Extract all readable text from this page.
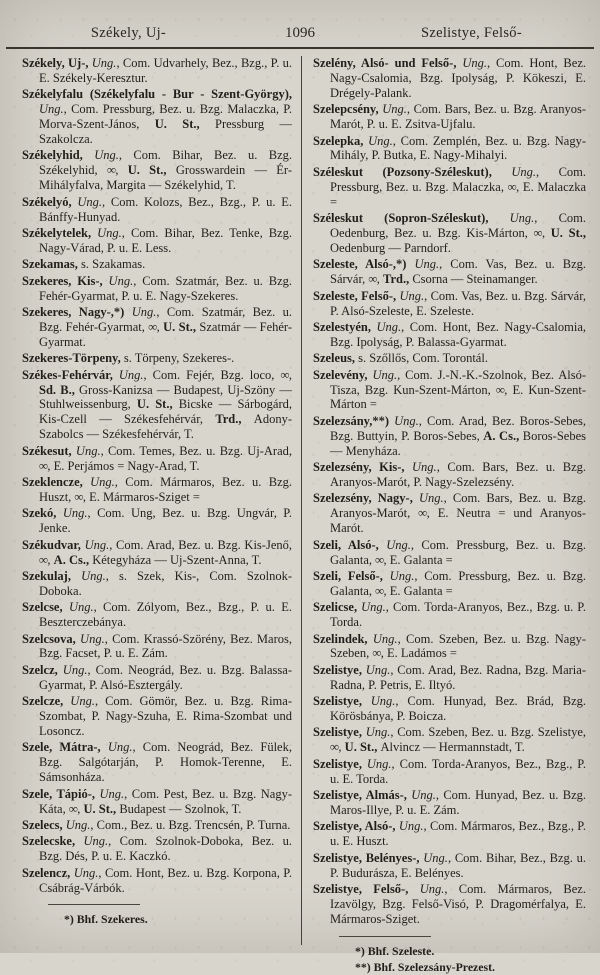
Székely, Uj-	1096	Szelistye, Felső-

Székely, Uj-, Ung., Com. Udvarhely, Bez., Bzg., P. u. E. Székely-Keresztur.

Székelyfalu (Székelyfalu - Bur - Szent-György), Ung., Com. Pressburg, Bez. u. Bzg. Malaczka, P. Morva-Szent-János, U. St., Pressburg — Szakolcza.

Székelyhid, Ung., Com. Bihar, Bez. u. Bzg. Székelyhid, ∞, U. St., Grosswardein — Ér-Mihályfalva, Margita — Székelyhid, T.

Székelyó, Ung., Com. Kolozs, Bez., Bzg., P. u. E. Bánffy-Hunyad.

Székelytelek, Ung., Com. Bihar, Bez. Tenke, Bzg. Nagy-Várad, P. u. E. Less.

Szekamas, s. Szakamas.

Szekeres, Kis-, Ung., Com. Szatmár, Bez. u. Bzg. Fehér-Gyarmat, P. u. E. Nagy-Szekeres.

Szekeres, Nagy-,*) Ung., Com. Szatmár, Bez. u. Bzg. Fehér-Gyarmat, ∞, U. St., Szatmár — Fehér-Gyarmat.

Szekeres-Törpeny, s. Törpeny, Szekeres-.

Székes-Fehérvár, Ung., Com. Fejér, Bzg. loco, ∞, Sd. B., Gross-Kanizsa — Budapest, Uj-Szöny — Stuhlweissenburg, U. St., Bicske — Sárbogárd, Kis-Czell — Székesfehérvár, Trd., Adony-Szabolcs — Székesfehérvár, T.

Székesut, Ung., Com. Temes, Bez. u. Bzg. Uj-Arad, ∞, E. Perjámos = Nagy-Arad, T.

Szeklencze, Ung., Com. Mármaros, Bez. u. Bzg. Huszt, ∞, E. Mármaros-Sziget =

Szekó, Ung., Com. Ung, Bez. u. Bzg. Ungvár, P. Jenke.

Székudvar, Ung., Com. Arad, Bez. u. Bzg. Kis-Jenő, ∞, A. Cs., Kétegyháza — Uj-Szent-Anna, T.

Szekulaj, Ung., s. Szek, Kis-, Com. Szolnok-Doboka.

Szelcse, Ung., Com. Zólyom, Bez., Bzg., P. u. E. Beszterczebánya.

Szelcsova, Ung., Com. Krassó-Szörény, Bez. Maros, Bzg. Facset, P. u. E. Zám.

Szelcz, Ung., Com. Neográd, Bez. u. Bzg. Balassa-Gyarmat, P. Alsó-Esztergály.

Szelcze, Ung., Com. Gömör, Bez. u. Bzg. Rima-Szombat, P. Nagy-Szuha, E. Rima-Szombat und Losoncz.

Szele, Mátra-, Ung., Com. Neográd, Bez. Fülek, Bzg. Salgótarján, P. Homok-Terenne, E. Sámsonháza.

Szele, Tápió-, Ung., Com. Pest, Bez. u. Bzg. Nagy-Káta, ∞, U. St., Budapest — Szolnok, T.

Szelecs, Ung., Com., Bez. u. Bzg. Trencsén, P. Turna.

Szelecske, Ung., Com. Szolnok-Doboka, Bez. u. Bzg. Dés, P. u. E. Kaczkó.

Szelencz, Ung., Com. Hont, Bez. u. Bzg. Korpona, P. Csábrág-Várbók.

*) Bhf. Szekeres.

Szelény, Alsó- und Felső-, Ung., Com. Hont, Bez. Nagy-Csalomia, Bzg. Ipolyság, P. Kökeszi, E. Drégely-Palank.

Szelepcsény, Ung., Com. Bars, Bez. u. Bzg. Aranyos-Marót, P. u. E. Zsitva-Ujfalu.

Szelepka, Ung., Com. Zemplén, Bez. u. Bzg. Nagy-Mihály, P. Butka, E. Nagy-Mihalyi.

Széleskut (Pozsony-Széleskut), Ung., Com. Pressburg, Bez. u. Bzg. Malaczka, ∞, E. Malaczka =

Széleskut (Sopron-Széleskut), Ung., Com. Oedenburg, Bez. u. Bzg. Kis-Márton, ∞, U. St., Oedenburg — Parndorf.

Szeleste, Alsó-,*) Ung., Com. Vas, Bez. u. Bzg. Sárvár, ∞, Trd., Csorna — Steinamanger.

Szeleste, Felső-, Ung., Com. Vas, Bez. u. Bzg. Sárvár, P. Alsó-Szeleste, E. Szeleste.

Szelestyén, Ung., Com. Hont, Bez. Nagy-Csalomia, Bzg. Ipolyság, P. Balassa-Gyarmat.

Szeleus, s. Szőllős, Com. Torontál.

Szelevény, Ung., Com. J.-N.-K.-Szolnok, Bez. Alsó-Tisza, Bzg. Kun-Szent-Márton, ∞, E. Kun-Szent-Márton =

Szelezsány,**) Ung., Com. Arad, Bez. Boros-Sebes, Bzg. Buttyin, P. Boros-Sebes, A. Cs., Boros-Sebes — Menyháza.

Szelezsény, Kis-, Ung., Com. Bars, Bez. u. Bzg. Aranyos-Marót, P. Nagy-Szelezsény.

Szelezsény, Nagy-, Ung., Com. Bars, Bez. u. Bzg. Aranyos-Marót, ∞, E. Neutra = und Aranyos-Marót.

Szeli, Alsó-, Ung., Com. Pressburg, Bez. u. Bzg. Galanta, ∞, E. Galanta =

Szeli, Felső-, Ung., Com. Pressburg, Bez. u. Bzg. Galanta, ∞, E. Galanta =

Szelicse, Ung., Com. Torda-Aranyos, Bez., Bzg. u. P. Torda.

Szelindek, Ung., Com. Szeben, Bez. u. Bzg. Nagy-Szeben, ∞, E. Ladámos =

Szelistye, Ung., Com. Arad, Bez. Radna, Bzg. Maria-Radna, P. Petris, E. Iltyó.

Szelistye, Ung., Com. Hunyad, Bez. Brád, Bzg. Körösbánya, P. Boicza.

Szelistye, Ung., Com. Szeben, Bez. u. Bzg. Szelistye, ∞, U. St., Alvincz — Hermannstadt, T.

Szelistye, Ung., Com. Torda-Aranyos, Bez., Bzg., P. u. E. Torda.

Szelistye, Almás-, Ung., Com. Hunyad, Bez. u. Bzg. Maros-Illye, P. u. E. Zám.

Szelistye, Alsó-, Ung., Com. Mármaros, Bez., Bzg., P. u. E. Huszt.

Szelistye, Belényes-, Ung., Com. Bihar, Bez., Bzg. u. P. Budurásza, E. Belényes.

Szelistye, Felső-, Ung., Com. Mármaros, Bez. Izavölgy, Bzg. Felső-Visó, P. Dragomérfalya, E. Mármaros-Sziget.

*) Bhf. Szeleste.

**) Bhf. Szelezsány-Prezest.
